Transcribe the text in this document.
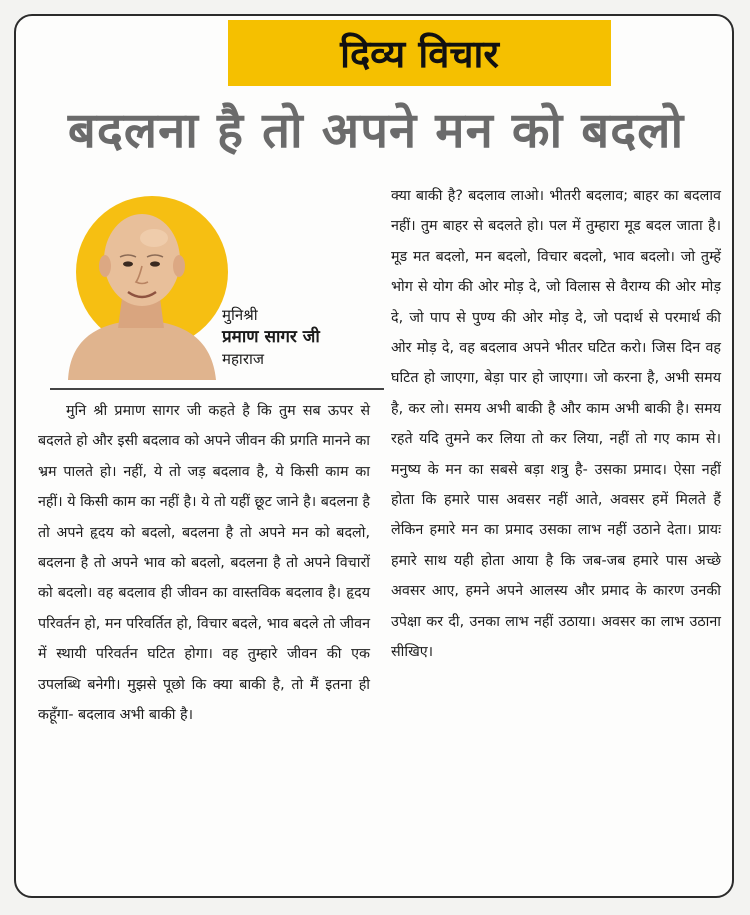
दिव्य विचार
बदलना है तो अपने मन को बदलो
मुनिश्री
प्रमाण सागर जी
महाराज
मुनि श्री प्रमाण सागर जी कहते है कि तुम सब ऊपर से बदलते हो और इसी बदलाव को अपने जीवन की प्रगति मानने का भ्रम पालते हो। नहीं, ये तो जड़ बदलाव है, ये किसी काम का नहीं। ये किसी काम का नहीं है। ये तो यहीं छूट जाने है। बदलना है तो अपने हृदय को बदलो, बदलना है तो अपने मन को बदलो, बदलना है तो अपने भाव को बदलो, बदलना है तो अपने विचारों को बदलो। वह बदलाव ही जीवन का वास्तविक बदलाव है। हृदय परिवर्तन हो, मन परिवर्तित हो, विचार बदले, भाव बदले तो जीवन में स्थायी परिवर्तन घटित होगा। वह तुम्हारे जीवन की एक उपलब्धि बनेगी। मुझसे पूछो कि क्या बाकी है, तो मैं इतना ही कहूँगा- बदलाव अभी बाकी है।
क्या बाकी है? बदलाव लाओ। भीतरी बदलाव; बाहर का बदलाव नहीं। तुम बाहर से बदलते हो। पल में तुम्हारा मूड बदल जाता है। मूड मत बदलो, मन बदलो, विचार बदलो, भाव बदलो। जो तुम्हें भोग से योग की ओर मोड़ दे, जो विलास से वैराग्य की ओर मोड़ दे, जो पाप से पुण्य की ओर मोड़ दे, जो पदार्थ से परमार्थ की ओर मोड़ दे, वह बदलाव अपने भीतर घटित करो। जिस दिन वह घटित हो जाएगा, बेड़ा पार हो जाएगा। जो करना है, अभी समय है, कर लो। समय अभी बाकी है और काम अभी बाकी है। समय रहते यदि तुमने कर लिया तो कर लिया, नहीं तो गए काम से। मनुष्य के मन का सबसे बड़ा शत्रु है- उसका प्रमाद। ऐसा नहीं होता कि हमारे पास अवसर नहीं आते, अवसर हमें मिलते हैं लेकिन हमारे मन का प्रमाद उसका लाभ नहीं उठाने देता। प्रायः हमारे साथ यही होता आया है कि जब-जब हमारे पास अच्छे अवसर आए, हमने अपने आलस्य और प्रमाद के कारण उनकी उपेक्षा कर दी, उनका लाभ नहीं उठाया। अवसर का लाभ उठाना सीखिए।
